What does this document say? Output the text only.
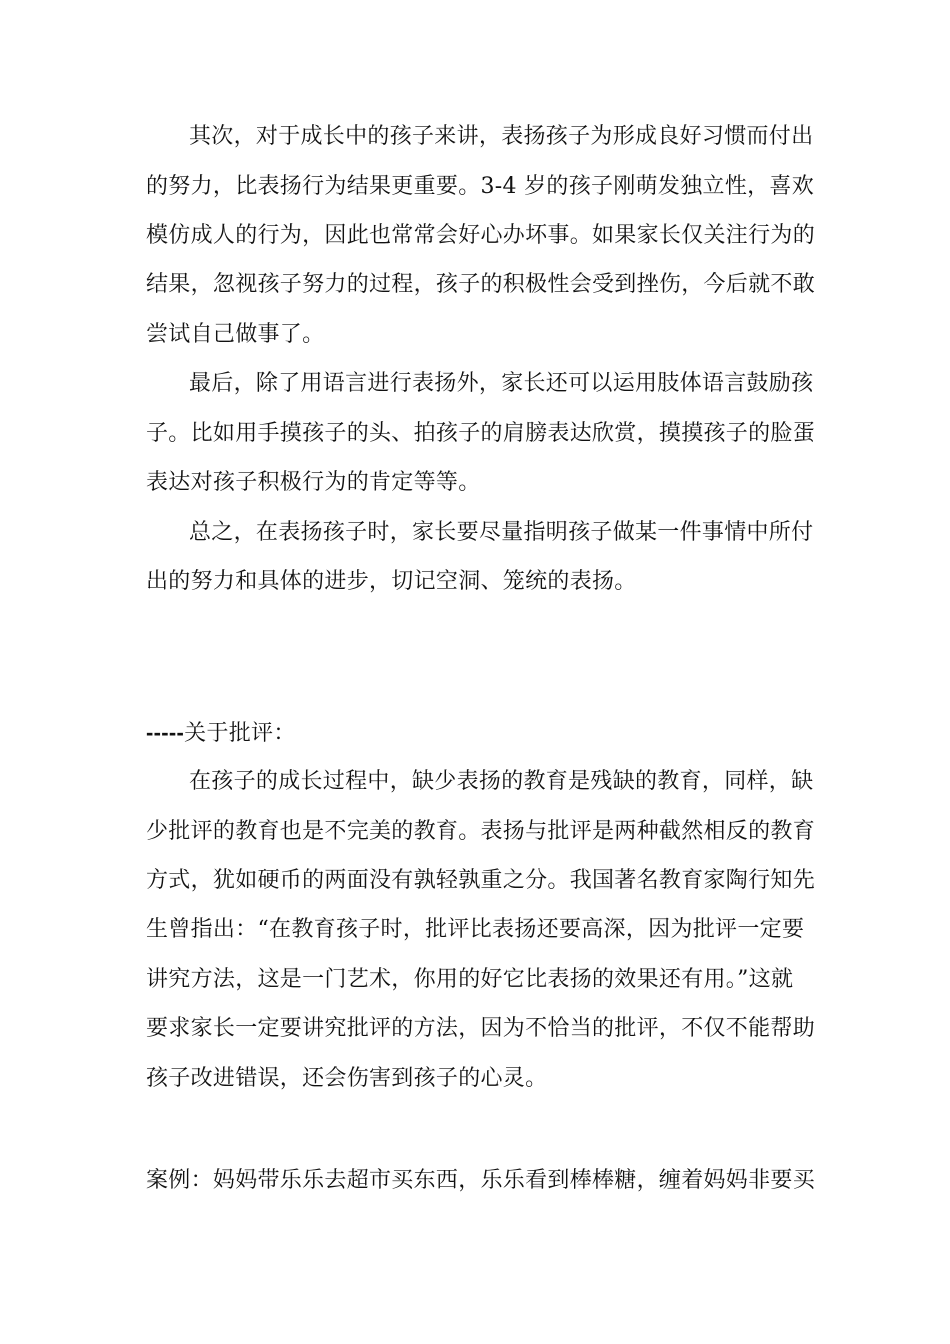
其次，对于成长中的孩子来讲，表扬孩子为形成良好习惯而付出

的努力，比表扬行为结果更重要。3-4 岁的孩子刚萌发独立性，喜欢

模仿成人的行为，因此也常常会好心办坏事。如果家长仅关注行为的

结果，忽视孩子努力的过程，孩子的积极性会受到挫伤，今后就不敢

尝试自己做事了。

最后，除了用语言进行表扬外，家长还可以运用肢体语言鼓励孩

子。比如用手摸孩子的头、拍孩子的肩膀表达欣赏，摸摸孩子的脸蛋

表达对孩子积极行为的肯定等等。

总之，在表扬孩子时，家长要尽量指明孩子做某一件事情中所付

出的努力和具体的进步，切记空洞、笼统的表扬。

-----关于批评：

在孩子的成长过程中，缺少表扬的教育是残缺的教育，同样，缺

少批评的教育也是不完美的教育。表扬与批评是两种截然相反的教育

方式，犹如硬币的两面没有孰轻孰重之分。我国著名教育家陶行知先

生曾指出：“在教育孩子时，批评比表扬还要高深，因为批评一定要

讲究方法，这是一门艺术，你用的好它比表扬的效果还有用。”这就

要求家长一定要讲究批评的方法，因为不恰当的批评，不仅不能帮助

孩子改进错误，还会伤害到孩子的心灵。

案例：妈妈带乐乐去超市买东西，乐乐看到棒棒糖，缠着妈妈非要买
